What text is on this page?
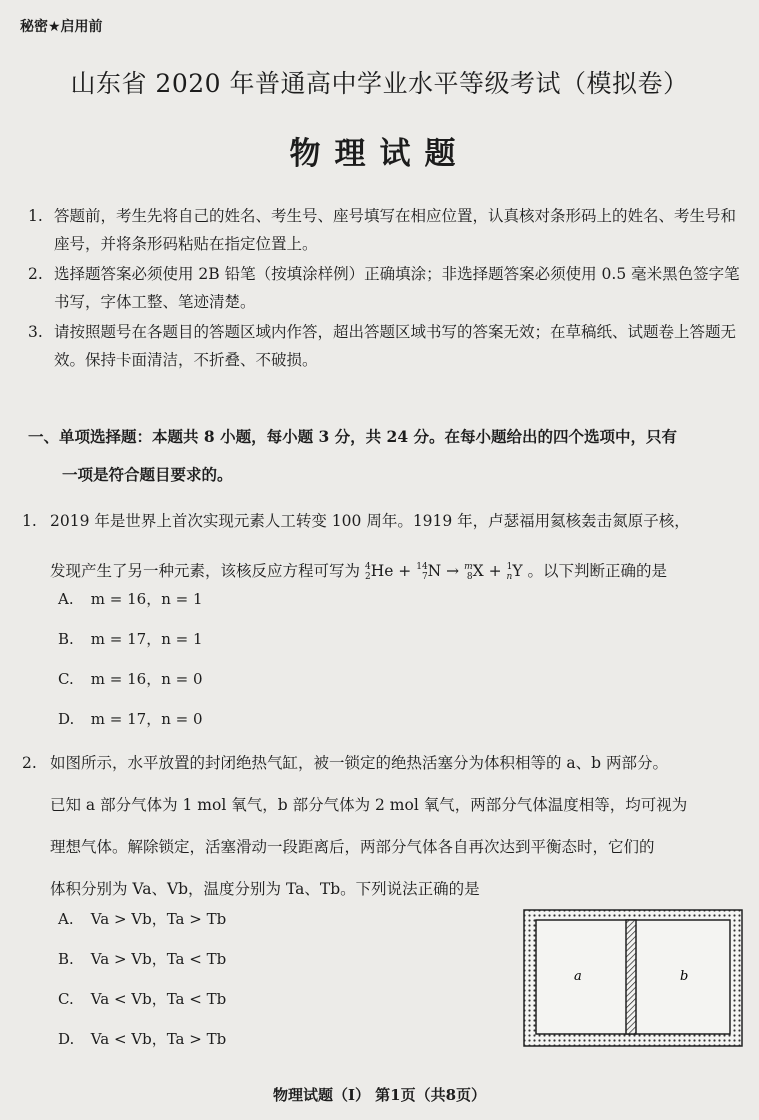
秘密★启用前
山东省 2020 年普通高中学业水平等级考试（模拟卷）
物理试题
1. 答题前，考生先将自己的姓名、考生号、座号填写在相应位置，认真核对条形码上的姓名、考生号和座号，并将条形码粘贴在指定位置上。
2. 选择题答案必须使用 2B 铅笔（按填涂样例）正确填涂；非选择题答案必须使用 0.5 毫米黑色签字笔书写，字体工整、笔迹清楚。
3. 请按照题号在各题目的答题区域内作答，超出答题区域书写的答案无效；在草稿纸、试题卷上答题无效。保持卡面清洁，不折叠、不破损。
一、单项选择题：本题共 8 小题，每小题 3 分，共 24 分。在每小题给出的四个选项中，只有
一项是符合题目要求的。
1. 2019 年是世界上首次实现元素人工转变 100 周年。1919 年，卢瑟福用氦核轰击氮原子核，
发现产生了另一种元素，该核反应方程可写为 4
2 He + 14
7 N → m
8 X + 1
n Y 。以下判断正确的是
A. m = 16，n = 1
B. m = 17，n = 1
C. m = 16，n = 0
D. m = 17，n = 0
2. 如图所示，水平放置的封闭绝热气缸，被一锁定的绝热活塞分为体积相等的 a、b 两部分。
已知 a 部分气体为 1 mol 氧气，b 部分气体为 2 mol 氧气，两部分气体温度相等，均可视为
理想气体。解除锁定，活塞滑动一段距离后，两部分气体各自再次达到平衡态时，它们的
体积分别为 Va、Vb，温度分别为 Ta、Tb。下列说法正确的是
A. Va > Vb，Ta > Tb
B. Va > Vb，Ta < Tb
C. Va < Vb，Ta < Tb
D. Va < Vb，Ta > Tb
a	b
物理试题（Ⅰ） 第1页（共8页）
